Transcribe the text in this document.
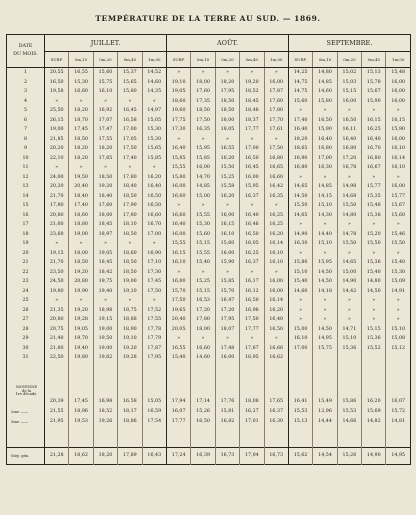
TEMPÉRATURE DE LA TERRE AU SUD. — 1869.
DATE
DU MOIS.	JUILLET.					AOÛT.					SEPTEMBRE.				
	SURF.	0m,10	0m,20	0m,40	1m,00	SURF.	0m,10	0m,20	0m,40	1m,00	SURF.	0m,10	0m,20	0m,40	1m,00
1	20,55	16,55	15,60	15,37	14,52	»	»	»	»	»	14,25	14,80	15,02	15,13	15,48
2	16,50	15,30	15,75	15,65	14,60	19,10	18,00	18,20	19,20	16,00	14,75	14,85	15,03	15,78	16,00
3	19,58	16,60	16,10	15,80	14,35	19,05	17,60	17,95	18,52	17,87	14,75	14,60	15,15	15,67	16,00
4	»	»	»	»	»	18,60	17,35	18,50	18,45	17,60	15,60	15,80	16,00	15,90	16,00
5	25,50	18,20	16,92	16,45	14,97	19,60	18,50	18,50	18,48	17,80	»	»	»	»	»
6	26,15	18,70	17,07	16,58	15,05	17,75	17,50	18,00	18,37	17,70	17,40	16,50	16,50	16,15	16,15
7	19,00	17,45	17,47	17,00	15,30	17,30	16,35	18,05	17,77	17,61	16,40	15,90	16,11	16,25	15,90
8	21,85	18,50	17,55	17,05	15,30	»	»	»	»	»	18,20	16,40	16,40	16,40	16,00
9	20,20	18,20	18,20	17,50	15,65	16,40	15,95	16,55	17,00	17,50	18,65	16,80	16,80	16,70	16,10
10	22,10	18,20	17,65	17,40	15,85	15,85	15,85	16,20	16,50	16,80	16,90	17,00	17,20	16,80	16,14
11	»	»	»	»	»	15,55	16,00	15,50	16,45	16,65	16,80	16,30	16,78	16,67	16,10
12	24,00	19,50	18,50	17,80	16,20	15,80	14,70	15,25	16,00	16,60	»	»	»	»	»
13	20,20	20,40	19,20	18,40	16,40	16,00	14,85	15,58	15,95	16,42	14,65	14,85	14,98	15,77	16,00
14	21,70	18,40	18,40	18,50	16,50	16,60	15,00	16,20	16,37	16,35	14,50	14,15	14,68	15,35	15,77
15	17,80	17,40	17,60	17,90	16,50	»	»	»	»	»	15,50	15,10	15,50	15,48	15,67
16	20,80	18,60	18,00	17,80	16,60	16,60	15,55	16,00	16,40	16,25	14,65	14,30	14,80	15,38	15,60
17	21,60	18,80	18,45	18,10	16,70	16,40	15,30	16,15	16,46	16,25	»	»	»	»	»
18	23,60	19,00	18,97	18,50	17,00	16,00	15,60	16,10	16,50	16,20	14,90	14,40	14,78	15,20	15,46
19	»	»	»	»	»	15,55	15,15	15,60	16,05	16,14	16,30	15,10	15,50	15,50	15,50
20	19,15	18,00	19,05	18,60	16,90	16,15	15,55	16,00	16,25	16,10	»	»	»	»	»
21	21,70	18,50	18,45	18,50	17,10	16,10	15,40	15,90	16,37	16,10	15,80	15,95	14,65	15,36	15,40
22	23,50	19,20	18,42	18,50	17,30	»	»	»	»	»	15,10	14,50	15,00	15,40	15,30
23	24,50	20,80	19,75	19,00	17,45	16,80	15,25	15,85	16,17	16,00	15,40	14,50	14,90	14,80	15,09
24	19,80	19,90	19,40	19,10	17,50	15,70	15,15	15,70	16,12	16,00	14,60	14,18	14,42	14,50	14,91
25	»	»	»	»	»	17,50	16,53	16,47	16,50	16,14	»	»	»	»	»
26	21,35	19,20	18,98	18,75	17,52	19,65	17,20	17,20	16,98	16,20	»	»	»	»	»
27	20,80	19,28	19,15	18,88	17,55	20,40	17,80	17,95	17,50	16,40	»	»	»	»	»
28	20,75	19,05	19,00	18,90	17,78	20,05	18,00	18,07	17,77	16,50	15,00	14,50	14,71	15,15	15,10
29	21,40	19,70	19,50	19,10	17,79	»	»	»	»	»	16,10	14,95	15,10	15,36	15,08
30	21,80	19,40	19,00	19,20	17,87	16,55	16,60	17,48	17,67	16,66	17,00	15,75	15,36	15,52	15,12
31	22,50	19,80	19,62	19,28	17,95	15,40	14,60	16,00	16,95	16,62					

MOYENNE
de la
1re décade.															

	20,39	17,45	16,98	16,58	15,05	17,94	17,14	17,76	18,08	17,65	16,41	15,49	15,86	16,20	16,07
2me ——	21,55	18,96	18,52	18,17	16,59	16,07	15,26	15,81	16,27	16,37	15,53	12,96	15,53	15,69	15,72
3me ——	21,95	19,53	19,26	18,86	17,54	17,77	16,50	16,82	17,01	16,30	15,13	14,44	14,66	14,82	14,81

Moy. gén.	21,28	18,62	18,20	17,89	16,43	17,24	16,39	16,73	17,04	16,73	15,62	14,54	15,26	14,90	14,95
